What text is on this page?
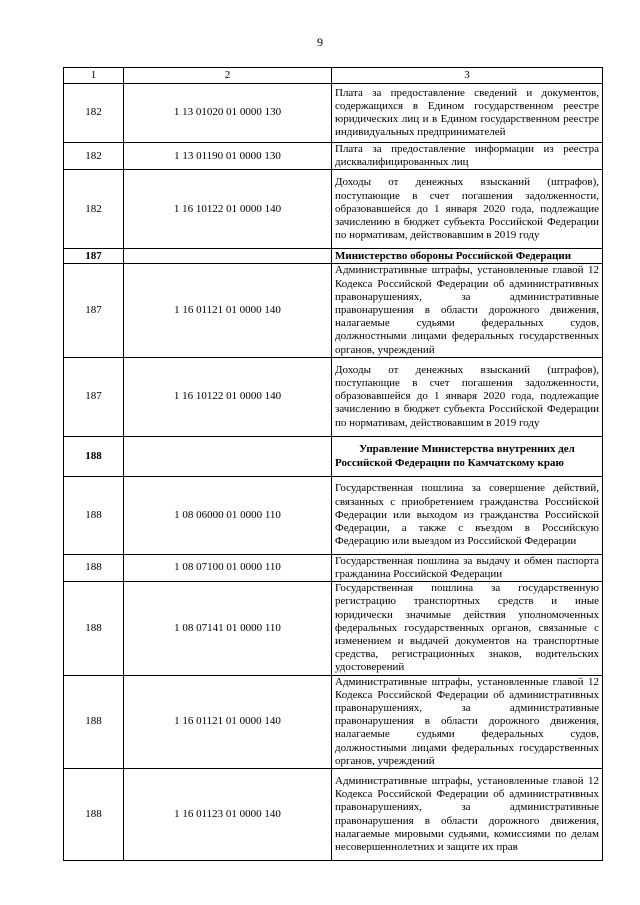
9
1	2	3
182	1 13 01020 01 0000 130	Плата за предоставление сведений и документов, содержащихся в Едином государственном реестре юридических лиц и в Едином государственном реестре индивидуальных предпринимателей
182	1 13 01190 01 0000 130	Плата за предоставление информации из реестра дисквалифицированных лиц
182	1 16 10122 01 0000 140	Доходы от денежных взысканий (штрафов), поступающие в счет погашения задолженности, образовавшейся до 1 января 2020 года, подлежащие зачислению в бюджет субъекта Российской Федерации по нормативам, действовавшим в 2019 году
187		Министерство обороны Российской Федерации
187	1 16 01121 01 0000 140	Административные штрафы, установленные главой 12 Кодекса Российской Федерации об административных правонарушениях, за административные правонарушения в области дорожного движения, налагаемые судьями федеральных судов, должностными лицами федеральных государственных органов, учреждений
187	1 16 10122 01 0000 140	Доходы от денежных взысканий (штрафов), поступающие в счет погашения задолженности, образовавшейся до 1 января 2020 года, подлежащие зачислению в бюджет субъекта Российской Федерации по нормативам, действовавшим в 2019 году
188		Управление Министерства внутренних дел Российской Федерации по Камчатскому краю
188	1 08 06000 01 0000 110	Государственная пошлина за совершение действий, связанных с приобретением гражданства Российской Федерации или выходом из гражданства Российской Федерации, а также с въездом в Российскую Федерацию или выездом из Российской Федерации
188	1 08 07100 01 0000 110	Государственная пошлина за выдачу и обмен паспорта гражданина Российской Федерации
188	1 08 07141 01 0000 110	Государственная пошлина за государственную регистрацию транспортных средств и иные юридически значимые действия уполномоченных федеральных государственных органов, связанные с изменением и выдачей документов на транспортные средства, регистрационных знаков, водительских удостоверений
188	1 16 01121 01 0000 140	Административные штрафы, установленные главой 12 Кодекса Российской Федерации об административных правонарушениях, за административные правонарушения в области дорожного движения, налагаемые судьями федеральных судов, должностными лицами федеральных государственных органов, учреждений
188	1 16 01123 01 0000 140	Административные штрафы, установленные главой 12 Кодекса Российской Федерации об административных правонарушениях, за административные правонарушения в области дорожного движения, налагаемые мировыми судьями, комиссиями по делам несовершеннолетних и защите их прав
